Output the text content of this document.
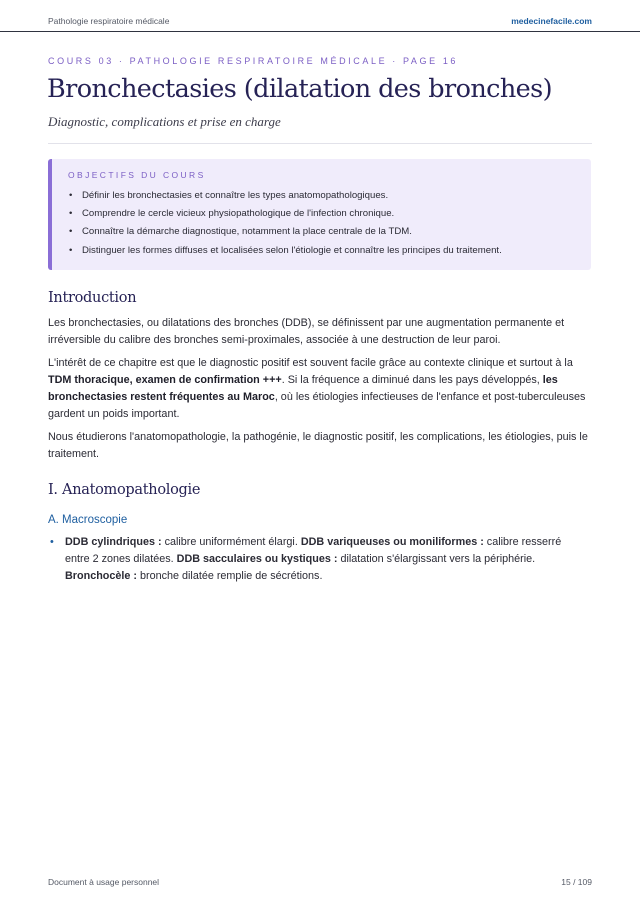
Pathologie respiratoire médicale	medecinefacile.com
COURS 03 · PATHOLOGIE RESPIRATOIRE MÉDICALE · PAGE 16
Bronchectasies (dilatation des bronches)
Diagnostic, complications et prise en charge
OBJECTIFS DU COURS
• Définir les bronchectasies et connaître les types anatomopathologiques.
• Comprendre le cercle vicieux physiopathologique de l'infection chronique.
• Connaître la démarche diagnostique, notamment la place centrale de la TDM.
• Distinguer les formes diffuses et localisées selon l'étiologie et connaître les principes du traitement.
Introduction

Les bronchectasies, ou dilatations des bronches (DDB), se définissent par une augmentation permanente et irréversible du calibre des bronches semi-proximales, associée à une destruction de leur paroi.

L'intérêt de ce chapitre est que le diagnostic positif est souvent facile grâce au contexte clinique et surtout à la TDM thoracique, examen de confirmation +++. Si la fréquence a diminué dans les pays développés, les bronchectasies restent fréquentes au Maroc, où les étiologies infectieuses de l'enfance et post-tuberculeuses gardent un poids important.

Nous étudierons l'anatomopathologie, la pathogénie, le diagnostic positif, les complications, les étiologies, puis le traitement.

I. Anatomopathologie
A. Macroscopie
• DDB cylindriques : calibre uniformément élargi. DDB variqueuses ou moniliformes : calibre resserré entre 2 zones dilatées. DDB sacculaires ou kystiques : dilatation s'élargissant vers la périphérie. Bronchocèle : bronche dilatée remplie de sécrétions.
Document à usage personnel	15 / 109
